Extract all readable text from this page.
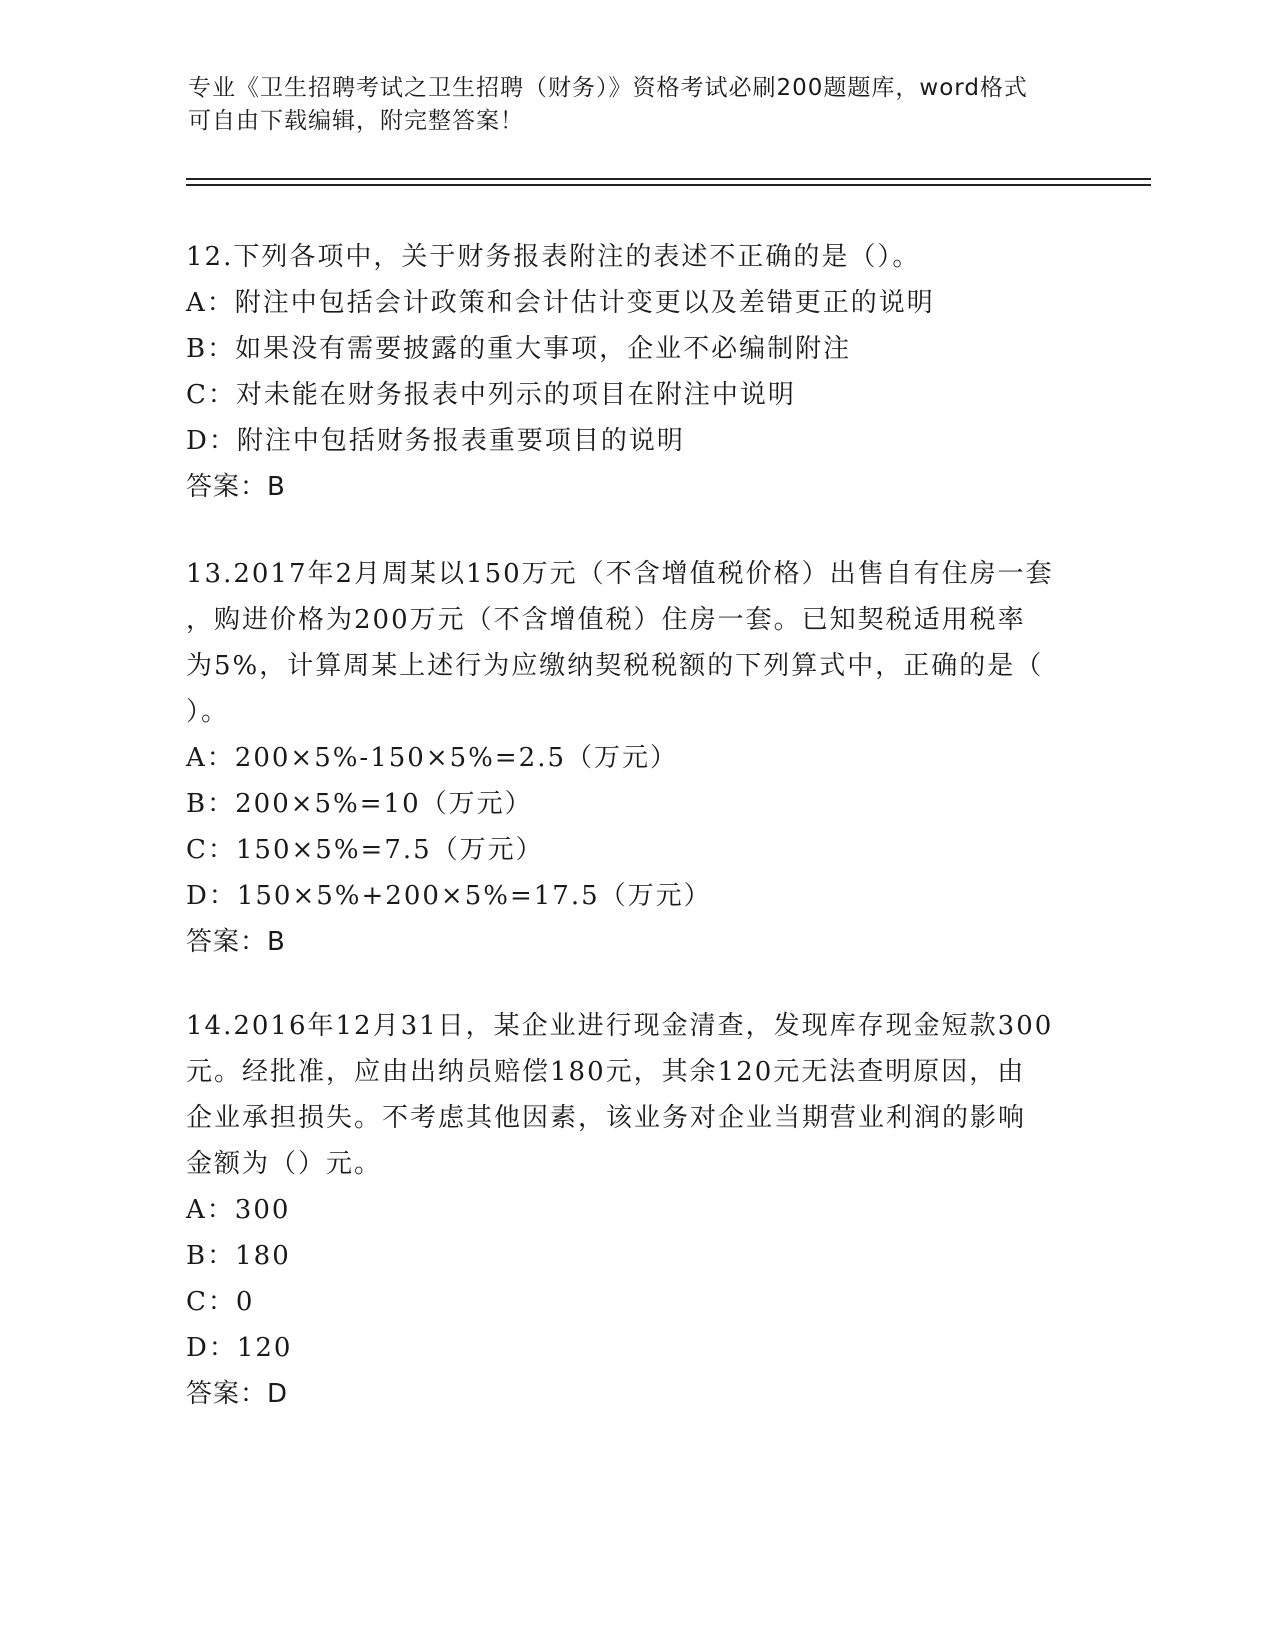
专业《卫生招聘考试之卫生招聘（财务）》资格考试必刷200题题库，word格式
可自由下载编辑，附完整答案！
12.下列各项中，关于财务报表附注的表述不正确的是（）。
A：附注中包括会计政策和会计估计变更以及差错更正的说明
B：如果没有需要披露的重大事项，企业不必编制附注
C：对未能在财务报表中列示的项目在附注中说明
D：附注中包括财务报表重要项目的说明
答案：B
13.2017年2月周某以150万元（不含增值税价格）出售自有住房一套
，购进价格为200万元（不含增值税）住房一套。已知契税适用税率
为5%，计算周某上述行为应缴纳契税税额的下列算式中，正确的是（
）。
A：200×5%-150×5%=2.5（万元）
B：200×5%=10（万元）
C：150×5%=7.5（万元）
D：150×5%+200×5%=17.5（万元）
答案：B
14.2016年12月31日，某企业进行现金清查，发现库存现金短款300
元。经批准，应由出纳员赔偿180元，其余120元无法查明原因，由
企业承担损失。不考虑其他因素，该业务对企业当期营业利润的影响
金额为（）元。
A：300
B：180
C：0
D：120
答案：D
